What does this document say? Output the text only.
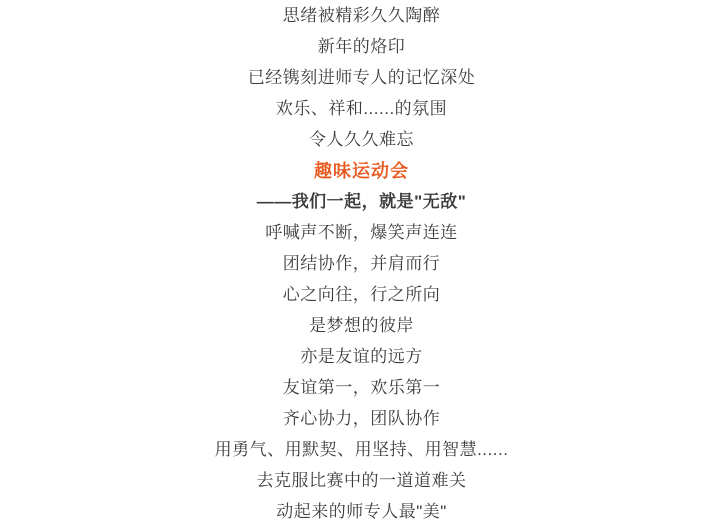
思绪被精彩久久陶醉
新年的烙印
已经镌刻进师专人的记忆深处
欢乐、祥和......的氛围
令人久久难忘
趣味运动会
——我们一起，就是"无敌"
呼喊声不断，爆笑声连连
团结协作，并肩而行
心之向往，行之所向
是梦想的彼岸
亦是友谊的远方
友谊第一，欢乐第一
齐心协力，团队协作
用勇气、用默契、用坚持、用智慧......
去克服比赛中的一道道难关
动起来的师专人最"美"
